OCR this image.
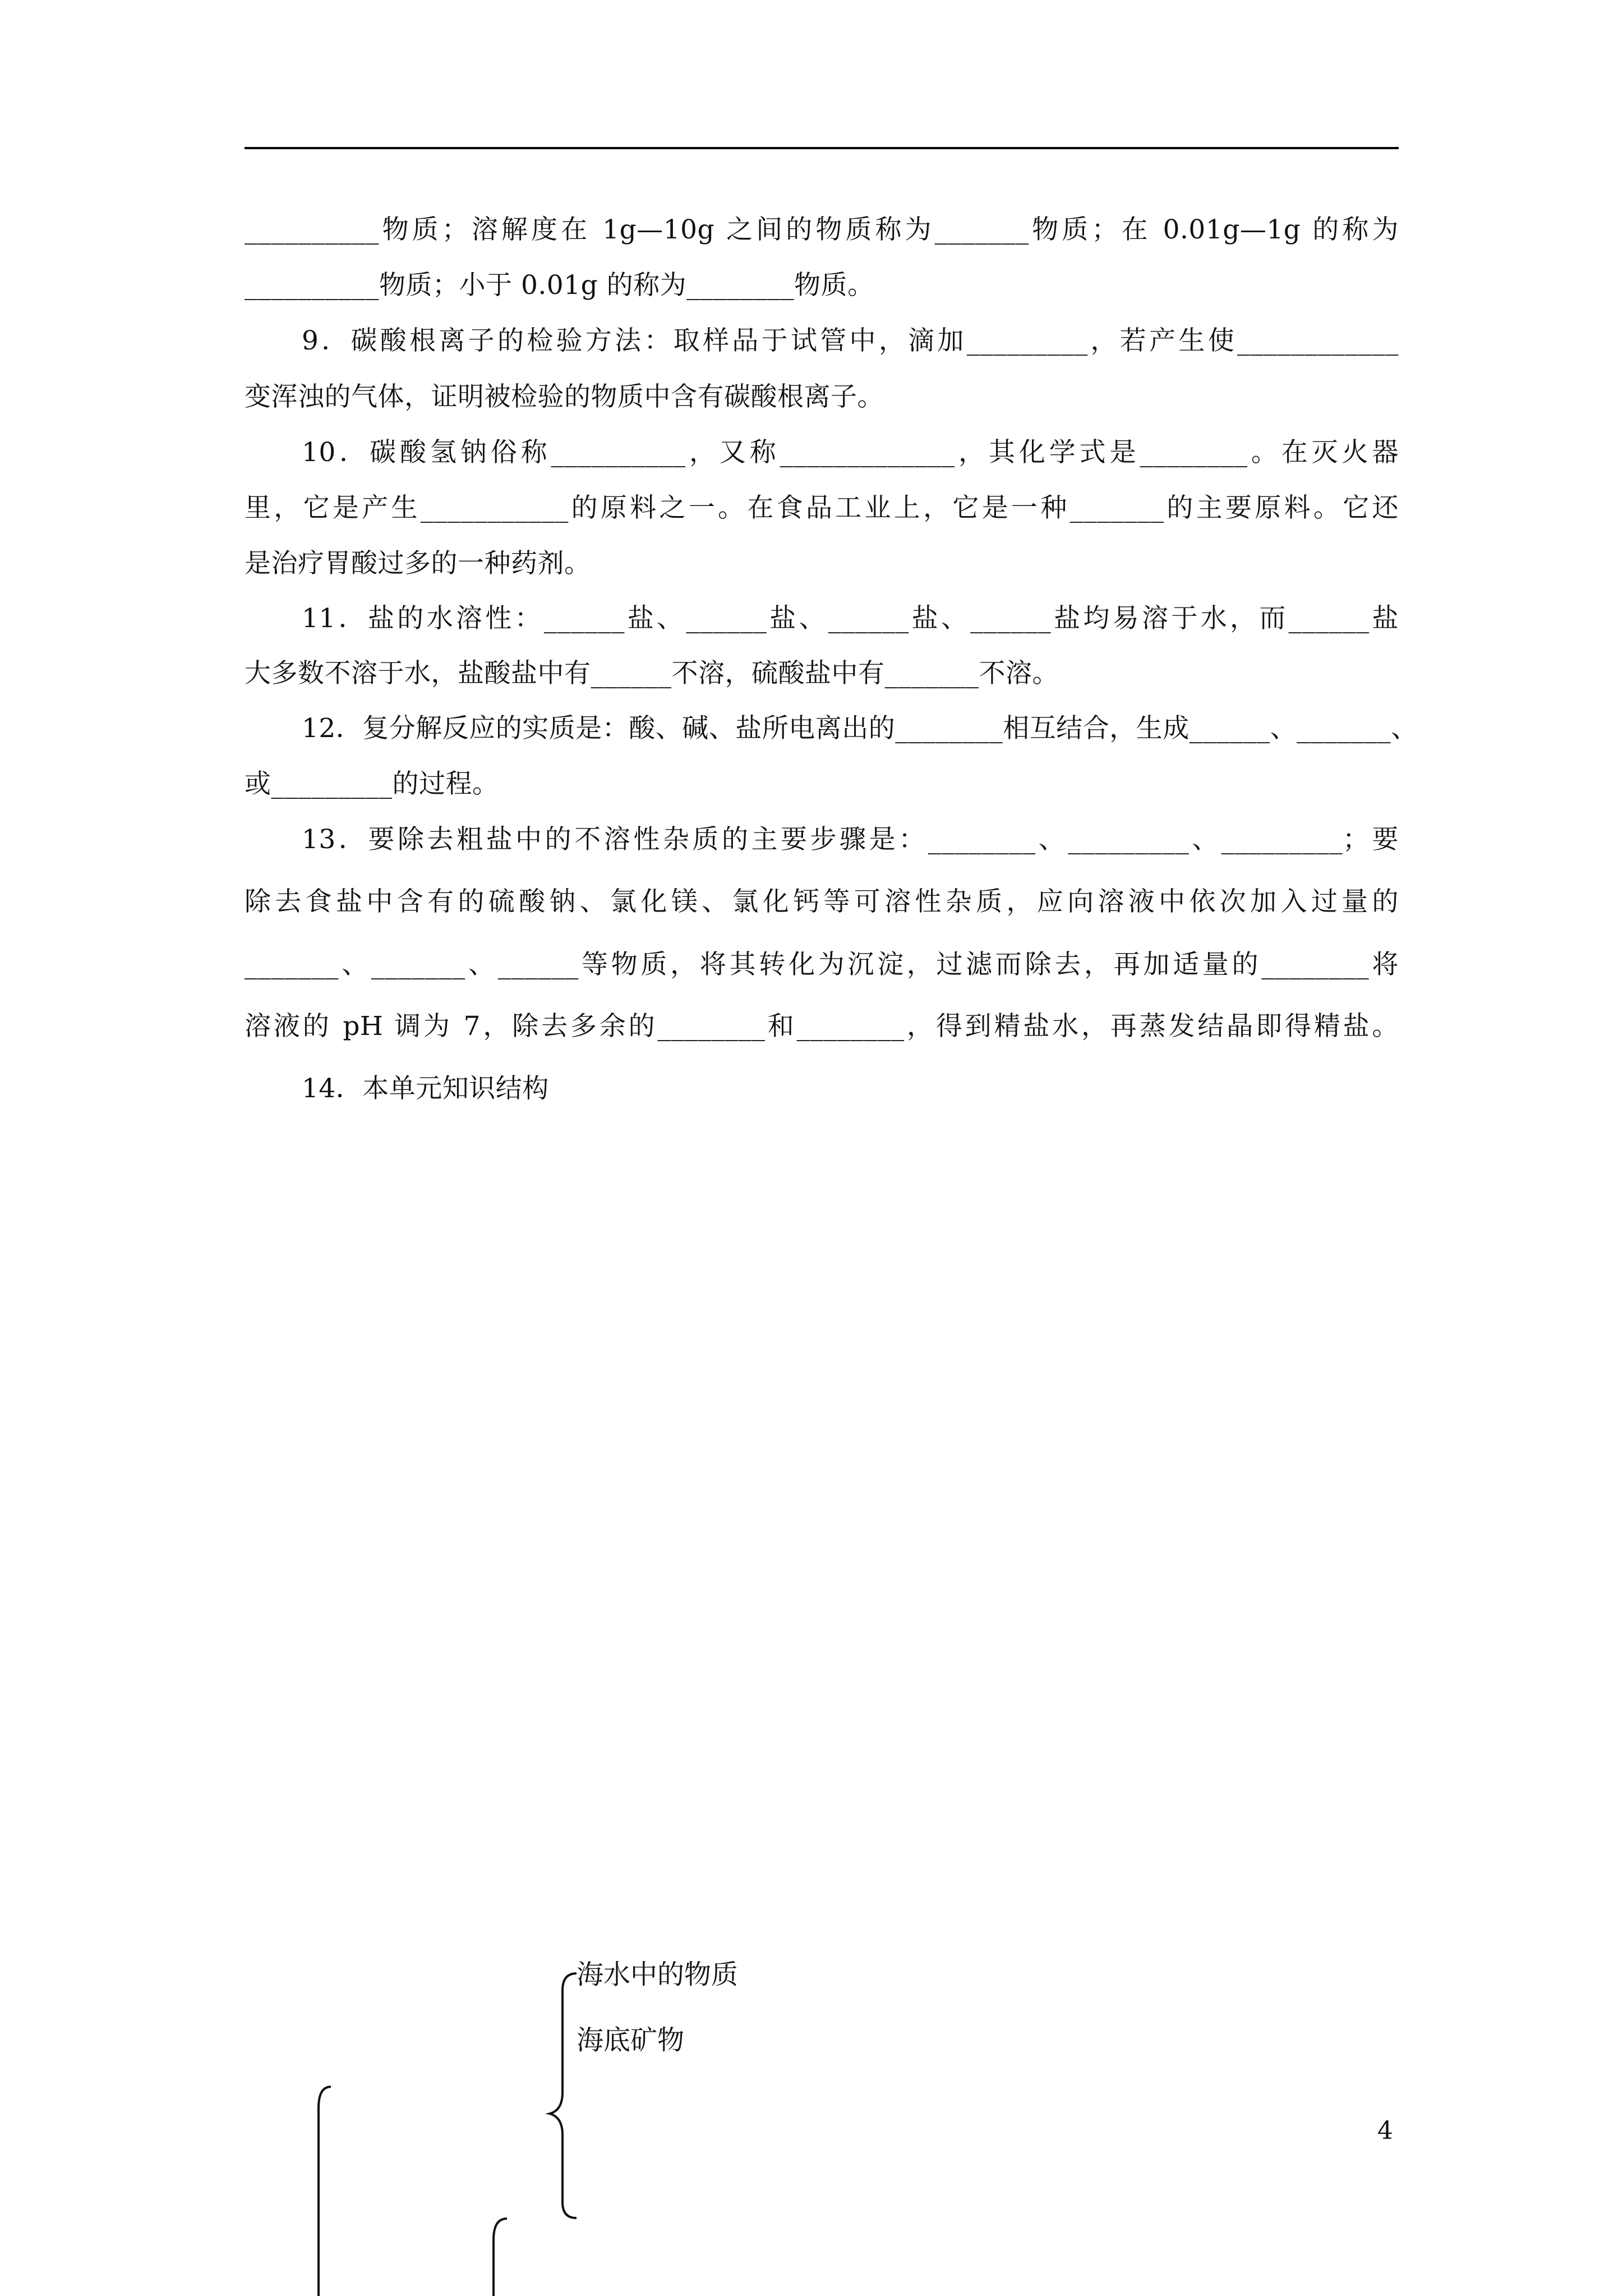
__________物质；溶解度在 1g—10g 之间的物质称为_______物质；在 0.01g—1g 的称为
__________物质；小于 0.01g 的称为________物质。
9．碳酸根离子的检验方法：取样品于试管中，滴加_________，若产生使____________
变浑浊的气体，证明被检验的物质中含有碳酸根离子。
10．碳酸氢钠俗称__________，又称_____________，其化学式是________。在灭火器
里，它是产生___________的原料之一。在食品工业上，它是一种_______的主要原料。它还
是治疗胃酸过多的一种药剂。
11．盐的水溶性：______盐、______盐、______盐、______盐均易溶于水，而______盐
大多数不溶于水，盐酸盐中有______不溶，硫酸盐中有_______不溶。
12．复分解反应的实质是：酸、碱、盐所电离出的________相互结合，生成______、_______、
或_________的过程。
13．要除去粗盐中的不溶性杂质的主要步骤是：________、_________、_________；要
除去食盐中含有的硫酸钠、氯化镁、氯化钙等可溶性杂质，应向溶液中依次加入过量的
_______、_______、______等物质，将其转化为沉淀，过滤而除去，再加适量的________将
溶液的 pH 调为 7，除去多余的________和________，得到精盐水，再蒸发结晶即得精盐。
14．本单元知识结构
海水中的物质
海底矿物
4
